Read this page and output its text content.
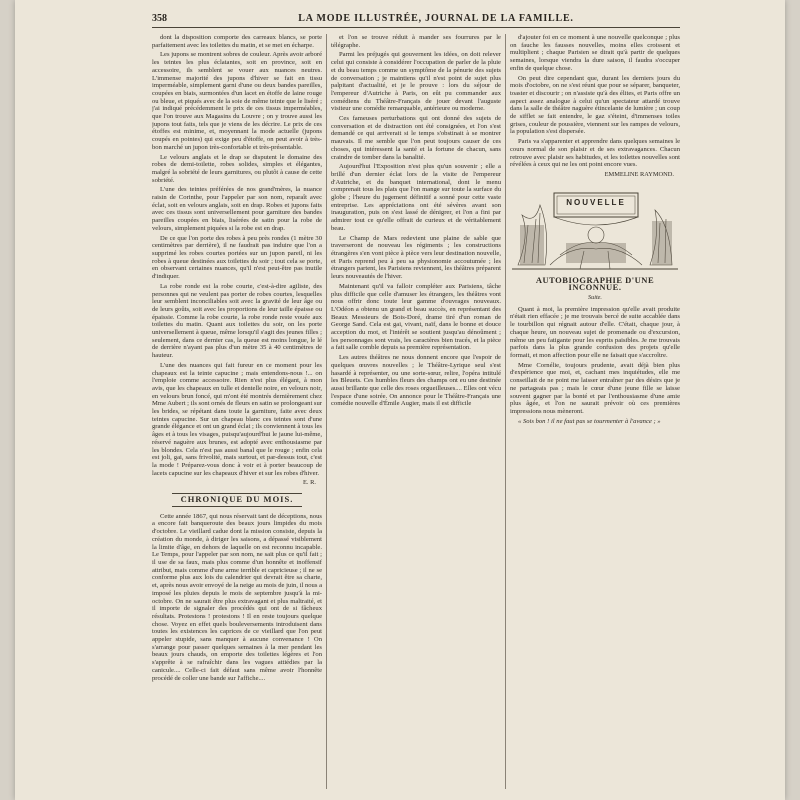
358	LA MODE ILLUSTRÉE, JOURNAL DE LA FAMILLE.

dont la disposition comporte des carreaux blancs, se porte parfaitement avec les toilettes du matin, et se met en écharpe.

Les jupons se montrent sobres de couleur. Après avoir arboré les teintes les plus éclatantes, soit en province, soit en accessoire, ils semblent se vouer aux nuances neutres. L'immense majorité des jupons d'hiver se fait en tissu imperméable, simplement garni d'une ou deux bandes pareilles, coupées en biais, surmontées d'un lacet en étoffe de laine rouge ou bleue, et piqués avec de la soie de même teinte que le liséré ; j'ai indiqué précédemment le prix de ces tissus imperméables, que l'on trouve aux Magasins du Louvre ; on y trouve aussi les jupons tout faits, tels que je viens de les décrire. Le prix de ces étoffes est minime, et, moyennant la mode actuelle (jupons coupés en pointes) qui exige peu d'étoffe, on peut avoir à très-bon marché un jupon très-confortable et très-présentable.

Le velours anglais et le drap se disputent le domaine des robes de demi-toilette, robes solides, simples et élégantes, malgré la sobriété de leurs garnitures, ou plutôt à cause de cette sobriété.

L'une des teintes préférées de nos grand'mères, la nuance raisin de Corinthe, pour l'appeler par son nom, reparaît avec éclat, soit en velours anglais, soit en drap. Robes et jupons faits avec ces tissus sont universellement pour garniture des bandes pareilles coupées en biais, lisérées de satin pour la robe de velours, simplement piquées si la robe est en drap.

De ce que l'on porte des robes à peu près rondes (1 mètre 30 centimètres par derrière), il ne faudrait pas induire que l'on a supprimé les robes courtes portées sur un jupon pareil, ni les robes à queue destinées aux toilettes du soir ; tout cela se porte, en observant certaines nuances, qu'il n'est peut-être pas inutile d'indiquer.

La robe ronde est la robe courte, c'est-à-dire agiliste, des personnes qui ne veulent pas porter de robes courtes, lesquelles leur semblent inconciliables soit avec la gravité de leur âge ou de leurs goûts, soit avec les proportions de leur taille épaisse ou épaissie. Comme la robe courte, la robe ronde reste vouée aux toilettes du matin. Quant aux toilettes du soir, on les porte universellement à queue, même lorsqu'il s'agit des jeunes filles ; seulement, dans ce dernier cas, la queue est moins longue, le lé de derrière n'ayant pas plus d'un mètre 35 à 40 centimètres de hauteur.

L'une des nuances qui fait fureur en ce moment pour les chapeaux est la teinte capucine ; mais entendons-nous !... on l'emploie comme accessoire. Rien n'est plus élégant, à mon avis, que les chapeaux en tulle et dentelle noire, en velours noir, en velours brun foncé, qui m'ont été montrés dernièrement chez Mme Aubert ; ils sont ornés de fleurs en satin se prolongeant sur les brides, se répétant dans toute la garniture, faite avec deux teintes capucine. Sur un chapeau blanc ces teintes sont d'une grande élégance et ont un grand éclat ; ils conviennent à tous les âges et à tous les visages, puisqu'aujourd'hui le jaune lui-même, réservé naguère aux brunes, est adopté avec enthousiasme par les blondes. Cela n'est pas aussi banal que le rouge ; enfin cela est joli, gai, sans frivolité, mais surtout, et par-dessus tout, c'est la mode ! Préparez-vous donc à voir et à porter beaucoup de lacets capucine sur les chapeaux d'hiver et sur les robes d'hiver.

E. R.
CHRONIQUE DU MOIS.

Cette année 1867, qui nous réservait tant de déceptions, nous a encore fait banqueroute des beaux jours limpides du mois d'octobre. Le vieillard cadue dont la mission consiste, depuis la création du monde, à diriger les saisons, a dépassé visiblement la limite d'âge, en dehors de laquelle on est reconnu incapable. Le Temps, pour l'appeler par son nom, ne sait plus ce qu'il fait ; il use de sa faux, mais plus comme d'un honnête et inoffensif attribut, mais comme d'une arme terrible et capricieuse ; il ne se conforme plus aux lois du calendrier qui devrait être sa charte, et, après nous avoir envoyé de la neige au mois de juin, il nous a imposé les pluies depuis le mois de septembre jusqu'à la mi-octobre. On ne saurait être plus extravagant et plus maltraité, et il importe de signaler des procédés qui ont de si fâcheux résultats. Protestons ! protestons ! Il en reste toujours quelque chose. Voyez en effet quels bouleversements introduisent dans toutes les existences les caprices de ce vieillard que l'on peut appeler stupide, sans manquer à aucune convenance ! On s'arrange pour passer quelques semaines à la mer pendant les beaux jours chauds, on emporte des toilettes légères et l'on s'apprête à se rafraîchir dans les vagues attiédies par la canicule.... Celle-ci fait défaut sans même avoir l'honnête procédé de coller une bande sur l'affiche....

et l'on se trouve réduit à mander ses fourrures par le télégraphe.

Parmi les préjugés qui gouvernent les idées, on doit relever celui qui consiste à considérer l'occupation de parler de la pluie et du beau temps comme un symptôme de la pénurie des sujets de conversation ; je maintiens qu'il n'est point de sujet plus palpitant d'actualité, et je le prouve : lors du séjour de l'empereur d'Autriche à Paris, on eût pu commander aux comédiens du Théâtre-Français de jouer devant l'auguste visiteur une comédie remarquable, antérieure ou moderne.

Ces fameuses perturbations qui ont donné des sujets de conversation et de distraction ont été consignées, et l'on s'est demandé ce qui arriverait si le temps s'obstinait à se montrer mauvais. Il me semble que l'on peut toujours causer de ces choses, qui intéressent la santé et la fortune de chacun, sans craindre de tomber dans la banalité.

Aujourd'hui l'Exposition n'est plus qu'un souvenir ; elle a brillé d'un dernier éclat lors de la visite de l'empereur d'Autriche, et du banquet international, dont le menu comprenait tous les plats que l'on mange sur toute la surface du globe ; l'heure du jugement définitif a sonné pour cette vaste entreprise. Les appréciations ont été sévères avant son inauguration, puis on s'est lassé de dénigrer, et l'on a fini par admirer tout ce qu'elle offrait de curieux et de véritablement beau.

Le Champ de Mars redevient une plaine de sable que traverseront de nouveau les régiments ; les constructions étrangères s'en vont pièce à pièce vers leur destination nouvelle, et Paris reprend peu à peu sa physionomie accoutumée ; les étrangers partent, les Parisiens reviennent, les théâtres préparent leurs nouveautés de l'hiver.

Maintenant qu'il va falloir compléter aux Parisiens, tâche plus difficile que celle d'amuser les étrangers, les théâtres vont nous offrir donc toute leur gamme d'ouvrages nouveaux. L'Odéon a obtenu un grand et beau succès, en représentant des Beaux Messieurs de Bois-Doré, drame tiré d'un roman de George Sand. Cela est gai, vivant, naïf, dans le bonne et douce acception du mot, et l'intérêt se soutient jusqu'au dénoûment ; les personnages sont vrais, les caractères bien tracés, et la pièce a fait salle comble depuis sa première représentation.

Les autres théâtres ne nous donnent encore que l'espoir de quelques œuvres nouvelles ; le Théâtre-Lyrique seul s'est hasardé à représenter, ou une sorte-sœur, relire, l'opéra intitulé les Bleuets. Ces humbles fleurs des champs ont eu une destinée aussi brillante que celle des roses orgueilleuses.... Elles ont vécu l'espace d'une soirée. On annonce pour le Théâtre-Français une comédie nouvelle d'Émile Augier, mais il est difficile

d'ajouter foi en ce moment à une nouvelle quelconque ; plus on fauche les fausses nouvelles, moins elles croissent et multiplient ; chaque Parisien se dirait qu'à partir de quelques semaines, lorsque viendra la dure saison, il faudra s'occuper enfin de quelque chose.

On peut dire cependant que, durant les derniers jours du mois d'octobre, on ne s'est réuni que pour se séparer, banqueter, toaster et discourir ; on n'assiste qu'à des élites, et Paris offre un aspect assez analogue à celui qu'un spectateur attardé trouve dans la salle de théâtre naguère étincelante de lumière ; un coup de sifflet se fait entendre, le gaz s'éteint, d'immenses toiles grises, couleur de poussière, viennent sur les rampes de velours, la population s'est dispersée.

Paris va s'apparenter et apprendre dans quelques semaines le cours normal de son plaisir et de ses extravagances. Chacun retrouve avec plaisir ses habitudes, et les toilettes nouvelles sont révélées à ceux qui ne les ont point encore vues.

EMMELINE RAYMOND.
NOUVELLE
AUTOBIOGRAPHIE D'UNE INCONNUE.
Suite.

Quant à moi, la première impression qu'elle avait produite n'était rien effacée ; je me trouvais bercé de suite accablée dans le tourbillon qui régnait autour d'elle. C'était, chaque jour, à chaque heure, un nouveau sujet de promenade ou d'excursion, même un peu fatigante pour les esprits paisibles. Je me trouvais parfois dans la plus grande confusion des projets qu'elle formait, et mon affection pour elle ne faisait que s'accroître.

Mme Cornélie, toujours prudente, avait déjà bien plus d'expérience que moi, et, cachant mes inquiétudes, elle me conseillait de ne point me laisser entraîner par des désirs que je ne partageais pas ; mais le cœur d'une jeune fille se laisse souvent gagner par la bonté et par l'enthousiasme d'une amie plus âgée, et l'on ne saurait prévoir où ces premières impressions nous mèneront.

« Sois bon ! il ne faut pas se tourmenter à l'avance ; »
